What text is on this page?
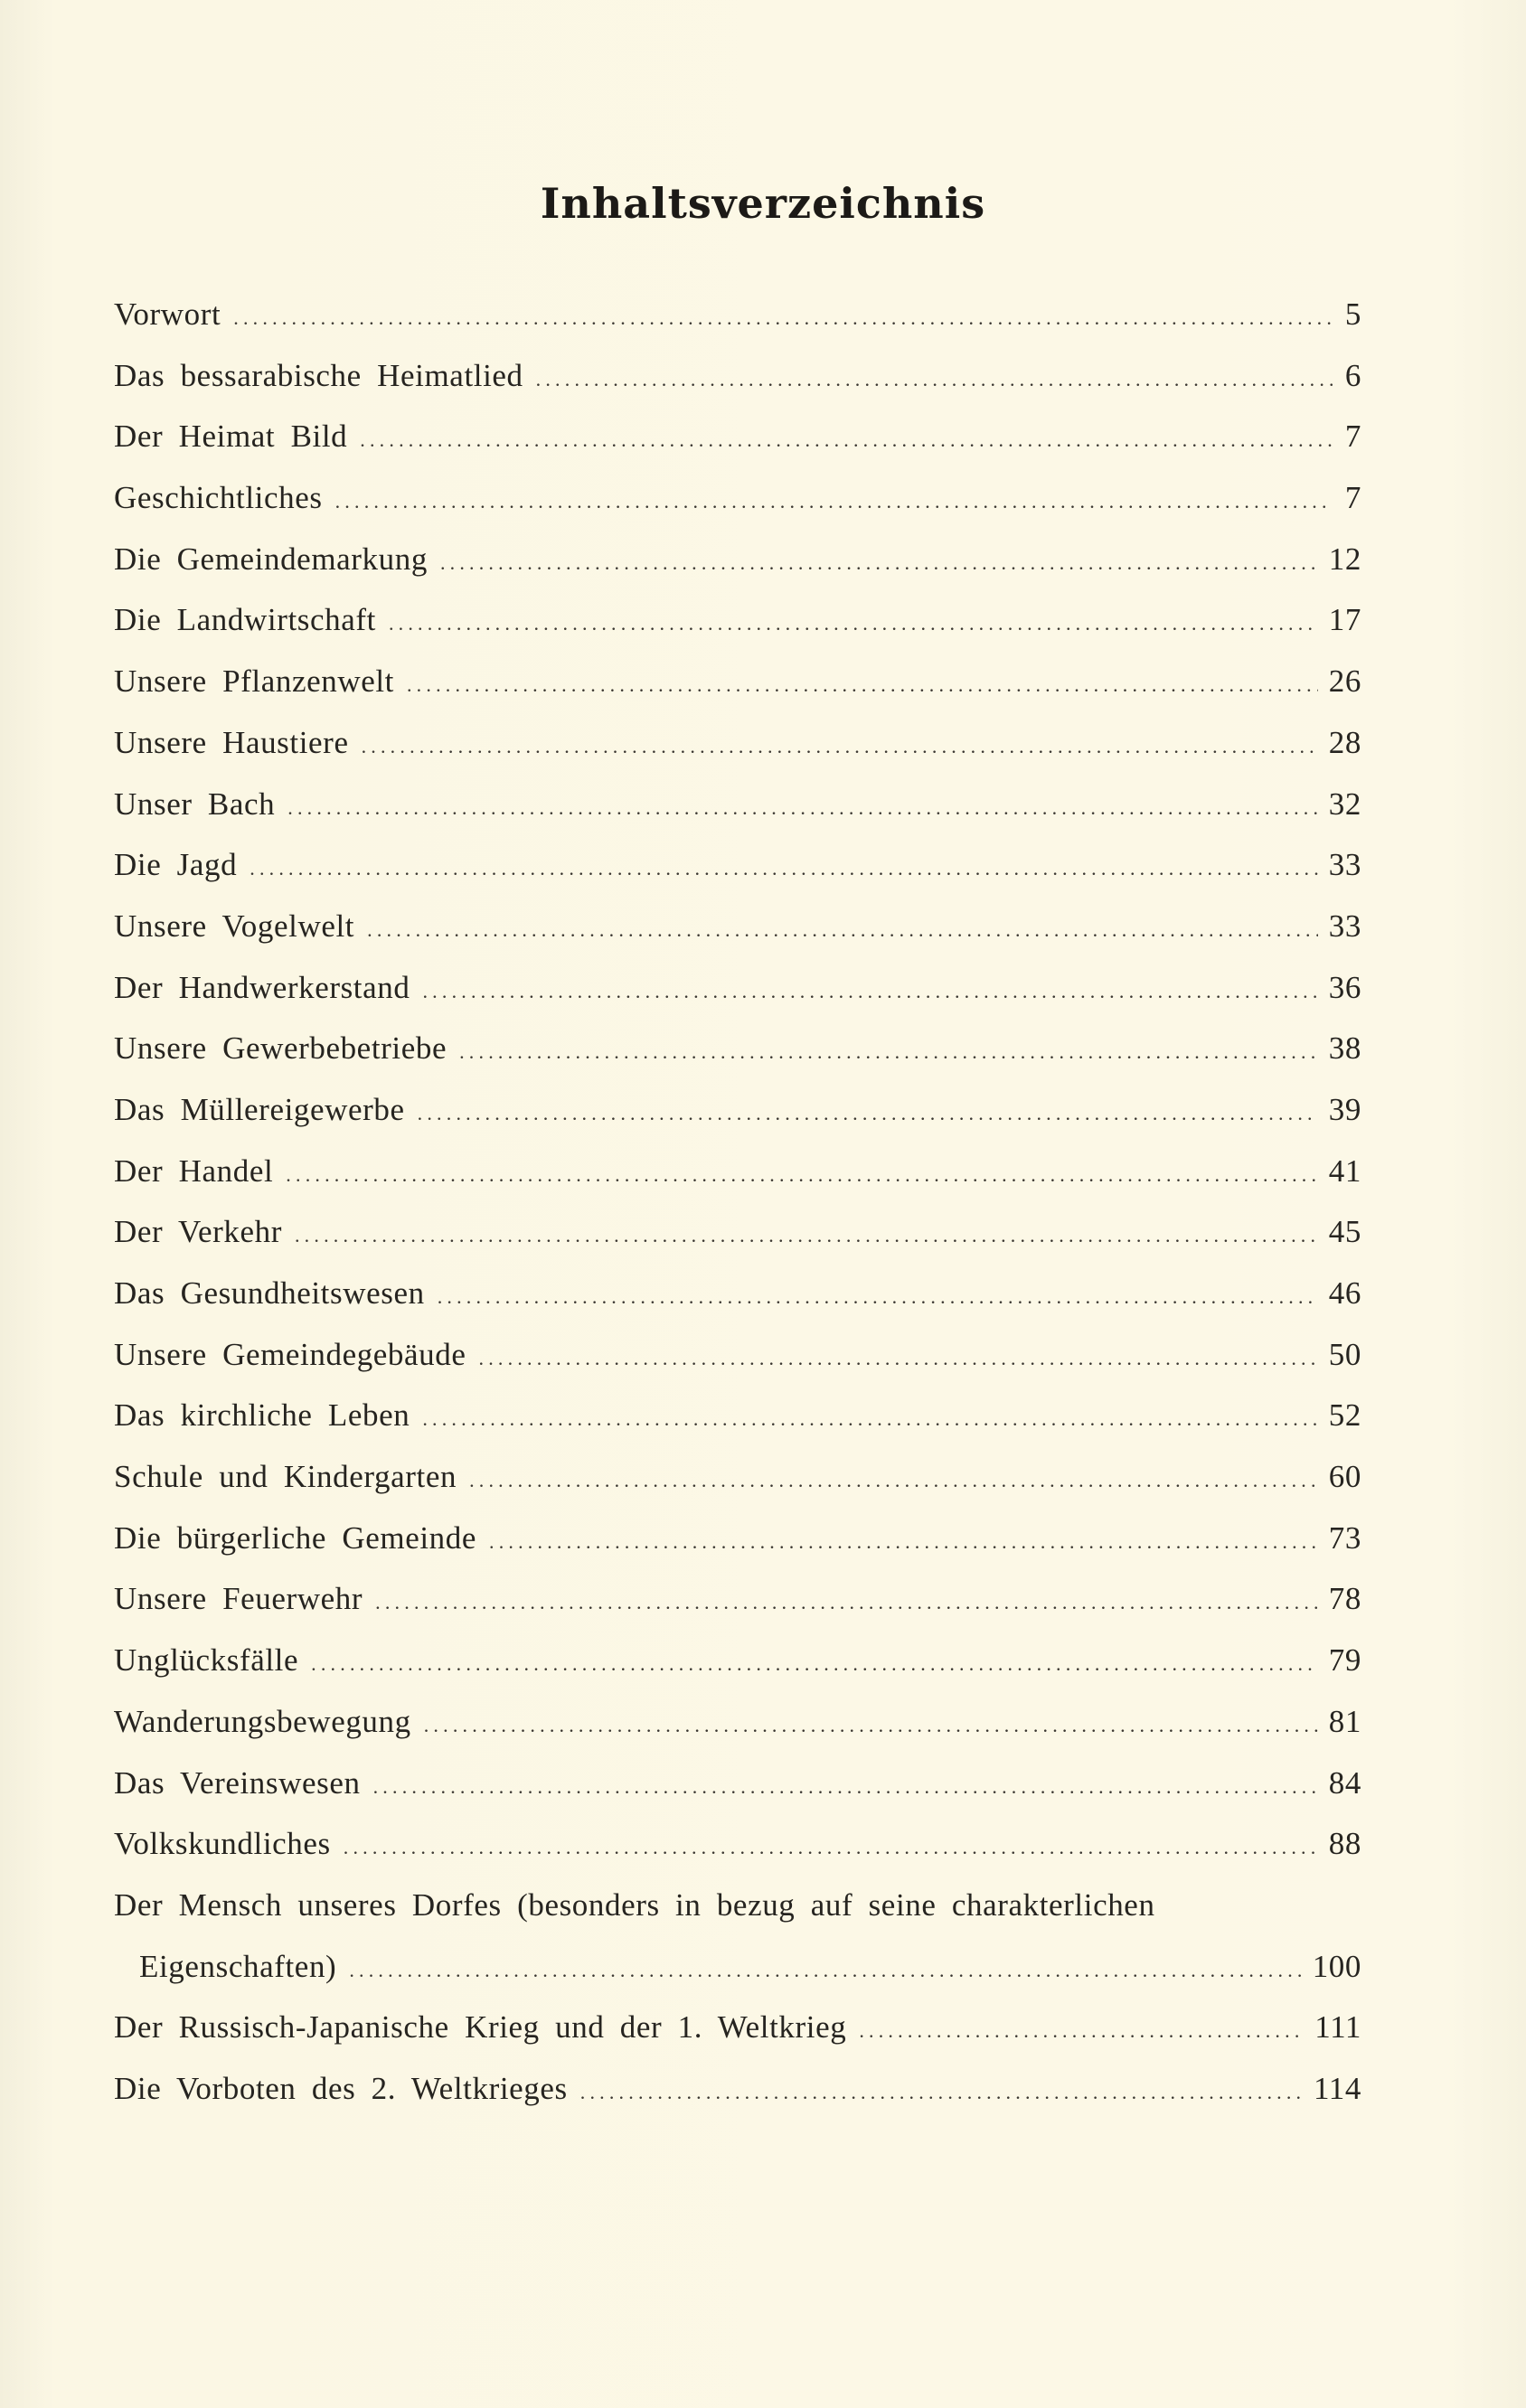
Inhaltsverzeichnis
Vorwort .....	5
Das bessarabische Heimatlied .....	6
Der Heimat Bild .....	7
Geschichtliches .....	7
Die Gemeindemarkung .....	12
Die Landwirtschaft .....	17
Unsere Pflanzenwelt .....	26
Unsere Haustiere .....	28
Unser Bach .....	32
Die Jagd .....	33
Unsere Vogelwelt .....	33
Der Handwerkerstand .....	36
Unsere Gewerbebetriebe .....	38
Das Müllereigewerbe .....	39
Der Handel .....	41
Der Verkehr .....	45
Das Gesundheitswesen .....	46
Unsere Gemeindegebäude .....	50
Das kirchliche Leben .....	52
Schule und Kindergarten .....	60
Die bürgerliche Gemeinde .....	73
Unsere Feuerwehr .....	78
Unglücksfälle .....	79
Wanderungsbewegung .....	81
Das Vereinswesen .....	84
Volkskundliches .....	88
Der Mensch unseres Dorfes (besonders in bezug auf seine charakterlichen
Eigenschaften) .....	100
Der Russisch-Japanische Krieg und der 1. Weltkrieg .....	111
Die Vorboten des 2. Weltkrieges .....	114
